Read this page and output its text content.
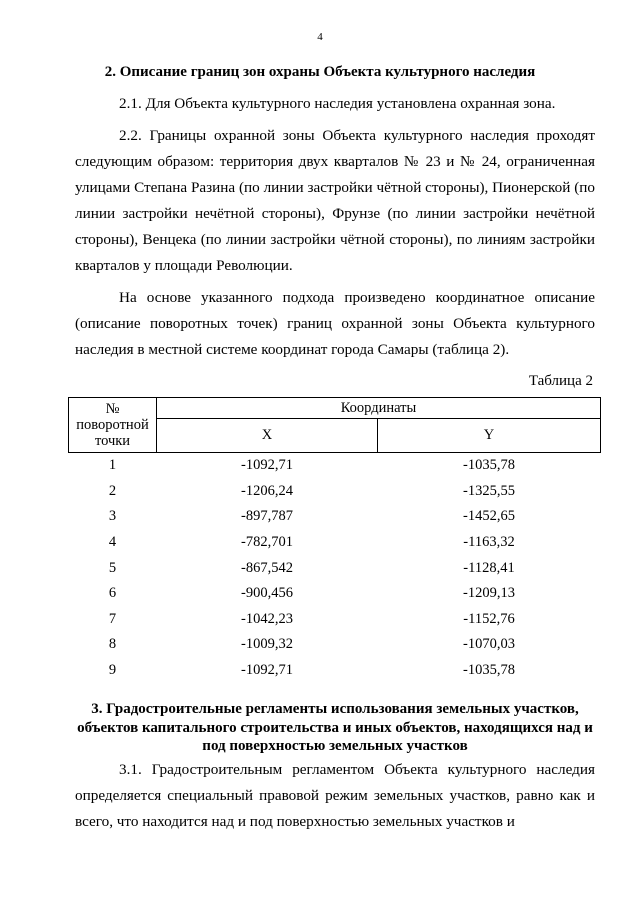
4
2. Описание границ зон охраны Объекта культурного наследия
2.1. Для Объекта культурного наследия установлена охранная зона.
2.2. Границы охранной зоны Объекта культурного наследия проходят следующим образом: территория двух кварталов № 23 и № 24, ограниченная улицами Степана Разина (по линии застройки чётной стороны), Пионерской (по линии застройки нечётной стороны), Фрунзе (по линии застройки нечётной стороны), Венцека (по линии застройки чётной стороны), по линиям застройки кварталов у площади Революции.
На основе указанного подхода произведено координатное описание (описание поворотных точек) границ охранной зоны Объекта культурного наследия в местной системе координат города Самары (таблица 2).
Таблица 2
№ поворотной точки	Координаты	
	X	Y
1	-1092,71	-1035,78
2	-1206,24	-1325,55
3	-897,787	-1452,65
4	-782,701	-1163,32
5	-867,542	-1128,41
6	-900,456	-1209,13
7	-1042,23	-1152,76
8	-1009,32	-1070,03
9	-1092,71	-1035,78
3. Градостроительные регламенты использования земельных участков, объектов капитального строительства и иных объектов, находящихся над и под поверхностью земельных участков
3.1. Градостроительным регламентом Объекта культурного наследия определяется специальный правовой режим земельных участков, равно как и всего, что находится над и под поверхностью земельных участков и
